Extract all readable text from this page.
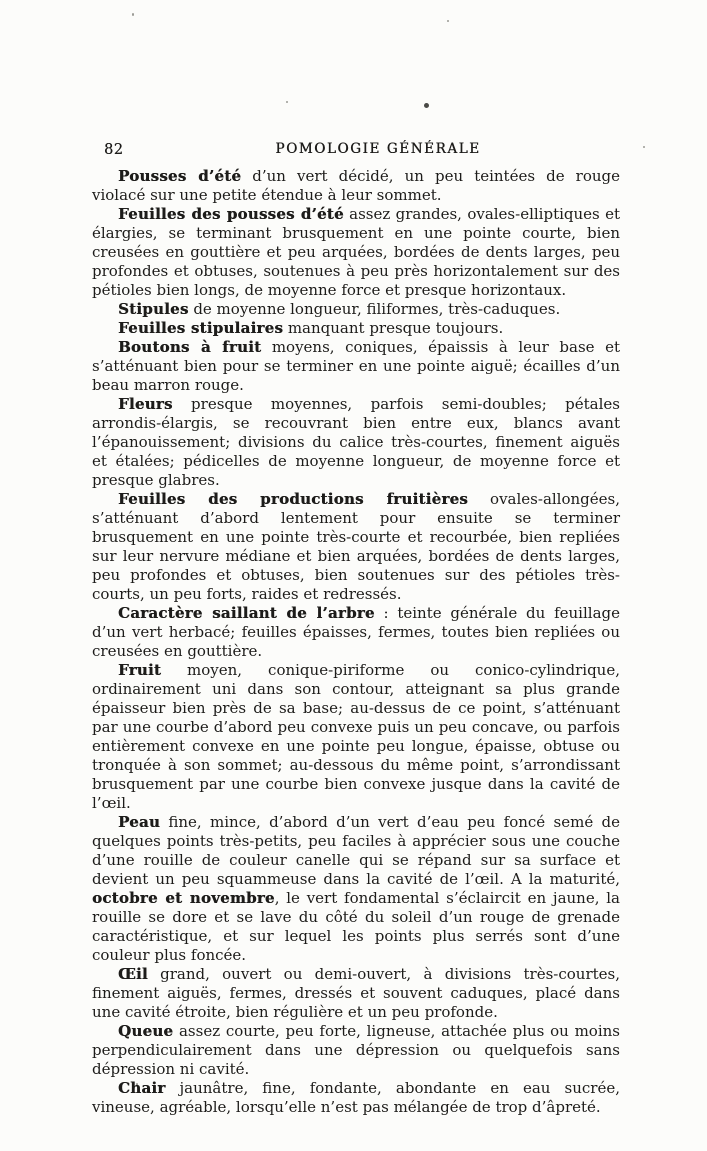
82	POMOLOGIE GÉNÉRALE

Pousses d’été d’un vert décidé, un peu teintées de rouge violacé sur une petite étendue à leur sommet.

Feuilles des pousses d’été assez grandes, ovales-elliptiques et élargies, se terminant brusquement en une pointe courte, bien creusées en gouttière et peu arquées, bordées de dents larges, peu profondes et obtuses, soutenues à peu près horizontalement sur des pétioles bien longs, de moyenne force et presque horizontaux.

Stipules de moyenne longueur, filiformes, très-caduques.

Feuilles stipulaires manquant presque toujours.

Boutons à fruit moyens, coniques, épaissis à leur base et s’atténuant bien pour se terminer en une pointe aiguë; écailles d’un beau marron rouge.

Fleurs presque moyennes, parfois semi-doubles; pétales arrondis-élargis, se recouvrant bien entre eux, blancs avant l’épanouissement; divisions du calice très-courtes, finement aiguës et étalées; pédicelles de moyenne longueur, de moyenne force et presque glabres.

Feuilles des productions fruitières ovales-allongées, s’atténuant d’abord lentement pour ensuite se terminer brusquement en une pointe très-courte et recourbée, bien repliées sur leur nervure médiane et bien arquées, bordées de dents larges, peu profondes et obtuses, bien soutenues sur des pétioles très-courts, un peu forts, raides et redressés.

Caractère saillant de l’arbre : teinte générale du feuillage d’un vert herbacé; feuilles épaisses, fermes, toutes bien repliées ou creusées en gouttière.

Fruit moyen, conique-piriforme ou conico-cylindrique, ordinairement uni dans son contour, atteignant sa plus grande épaisseur bien près de sa base; au-dessus de ce point, s’atténuant par une courbe d’abord peu convexe puis un peu concave, ou parfois entièrement convexe en une pointe peu longue, épaisse, obtuse ou tronquée à son sommet; au-dessous du même point, s’arrondissant brusquement par une courbe bien convexe jusque dans la cavité de l’œil.

Peau fine, mince, d’abord d’un vert d’eau peu foncé semé de quelques points très-petits, peu faciles à apprécier sous une couche d’une rouille de couleur canelle qui se répand sur sa surface et devient un peu squammeuse dans la cavité de l’œil. A la maturité, octobre et novembre, le vert fondamental s’éclaircit en jaune, la rouille se dore et se lave du côté du soleil d’un rouge de grenade caractéristique, et sur lequel les points plus serrés sont d’une couleur plus foncée.

Œil grand, ouvert ou demi-ouvert, à divisions très-courtes, finement aiguës, fermes, dressés et souvent caduques, placé dans une cavité étroite, bien régulière et un peu profonde.

Queue assez courte, peu forte, ligneuse, attachée plus ou moins perpendiculairement dans une dépression ou quelquefois sans dépression ni cavité.

Chair jaunâtre, fine, fondante, abondante en eau sucrée, vineuse, agréable, lorsqu’elle n’est pas mélangée de trop d’âpreté.
